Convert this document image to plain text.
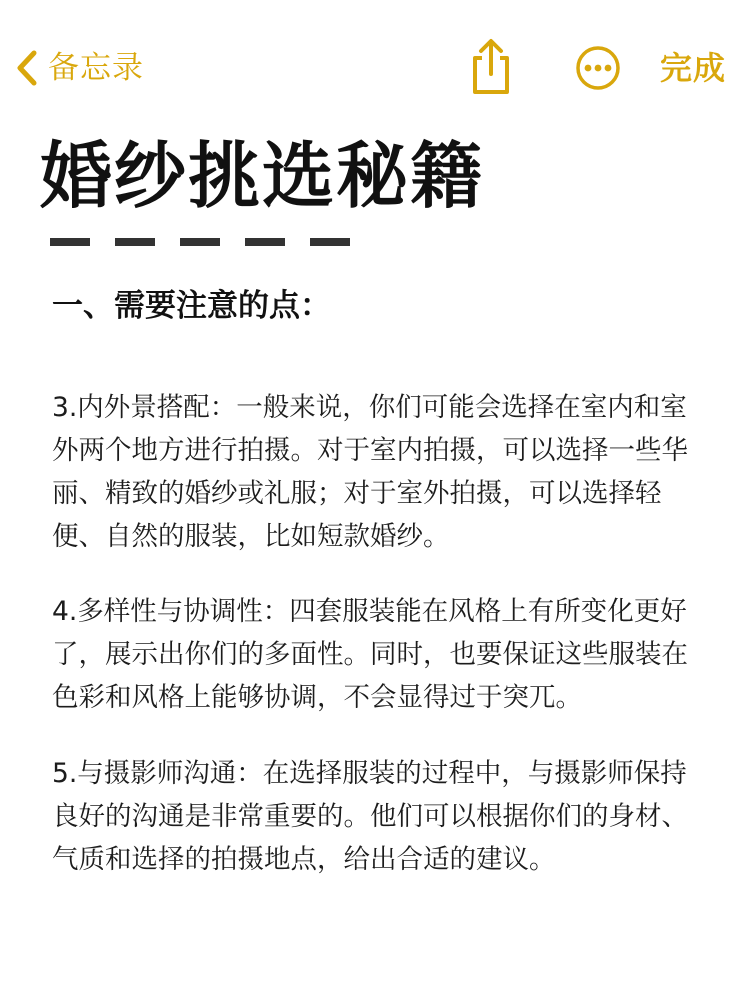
备忘录	完成
婚纱挑选秘籍
一、需要注意的点：

3.内外景搭配：一般来说，你们可能会选择在室内和室外两个地方进行拍摄。对于室内拍摄，可以选择一些华丽、精致的婚纱或礼服；对于室外拍摄，可以选择轻便、自然的服装，比如短款婚纱。

4.多样性与协调性：四套服装能在风格上有所变化更好了，展示出你们的多面性。同时，也要保证这些服装在色彩和风格上能够协调，不会显得过于突兀。

5.与摄影师沟通：在选择服装的过程中，与摄影师保持良好的沟通是非常重要的。他们可以根据你们的身材、气质和选择的拍摄地点，给出合适的建议。
